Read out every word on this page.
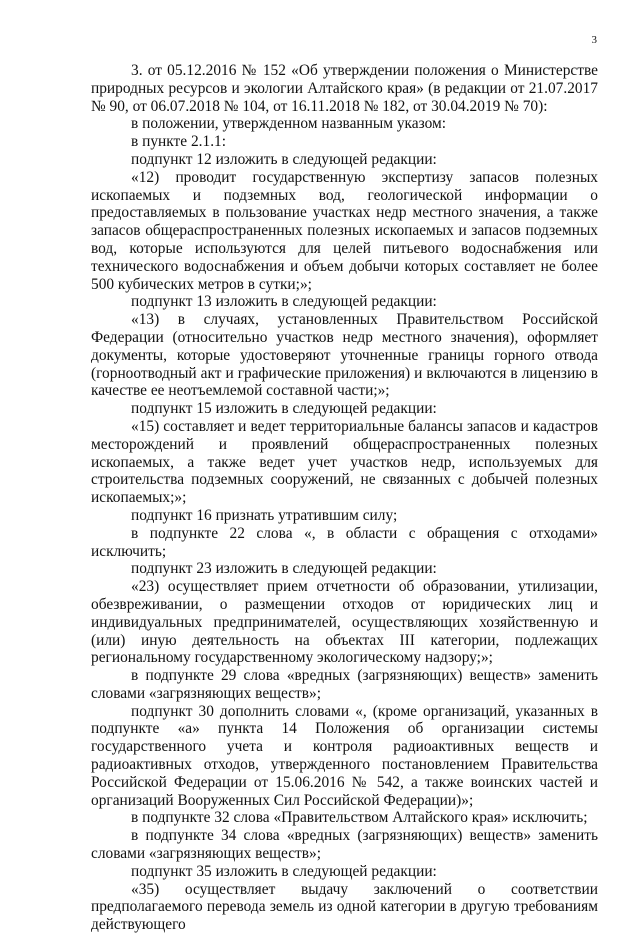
3

3. от 05.12.2016 № 152 «Об утверждении положения о Министерстве природных ресурсов и экологии Алтайского края» (в редакции от 21.07.2017 № 90, от 06.07.2018 № 104, от 16.11.2018 № 182, от 30.04.2019 № 70):

в положении, утвержденном названным указом:

в пункте 2.1.1:

подпункт 12 изложить в следующей редакции:

«12) проводит государственную экспертизу запасов полезных ископаемых и подземных вод, геологической информации о предоставляемых в пользование участках недр местного значения, а также запасов общераспространенных полезных ископаемых и запасов подземных вод, которые используются для целей питьевого водоснабжения или технического водоснабжения и объем добычи которых составляет не более 500 кубических метров в сутки;»;

подпункт 13 изложить в следующей редакции:

«13) в случаях, установленных Правительством Российской Федерации (относительно участков недр местного значения), оформляет документы, которые удостоверяют уточненные границы горного отвода (горноотводный акт и графические приложения) и включаются в лицензию в качестве ее неотъемлемой составной части;»;

подпункт 15 изложить в следующей редакции:

«15) составляет и ведет территориальные балансы запасов и кадастров месторождений и проявлений общераспространенных полезных ископаемых, а также ведет учет участков недр, используемых для строительства подземных сооружений, не связанных с добычей полезных ископаемых;»;

подпункт 16 признать утратившим силу;

в подпункте 22 слова «, в области с обращения с отходами» исключить;

подпункт 23 изложить в следующей редакции:

«23) осуществляет прием отчетности об образовании, утилизации, обезвреживании, о размещении отходов от юридических лиц и индивидуальных предпринимателей, осуществляющих хозяйственную и (или) иную деятельность на объектах III категории, подлежащих региональному государственному экологическому надзору;»;

в подпункте 29 слова «вредных (загрязняющих) веществ» заменить словами «загрязняющих веществ»;

подпункт 30 дополнить словами «, (кроме организаций, указанных в подпункте «а» пункта 14 Положения об организации системы государственного учета и контроля радиоактивных веществ и радиоактивных отходов, утвержденного постановлением Правительства Российской Федерации от 15.06.2016 № 542, а также воинских частей и организаций Вооруженных Сил Российской Федерации)»;

в подпункте 32 слова «Правительством Алтайского края» исключить;

в подпункте 34 слова «вредных (загрязняющих) веществ» заменить словами «загрязняющих веществ»;

подпункт 35 изложить в следующей редакции:

«35) осуществляет выдачу заключений о соответствии предполагаемого перевода земель из одной категории в другую требованиям действующего
